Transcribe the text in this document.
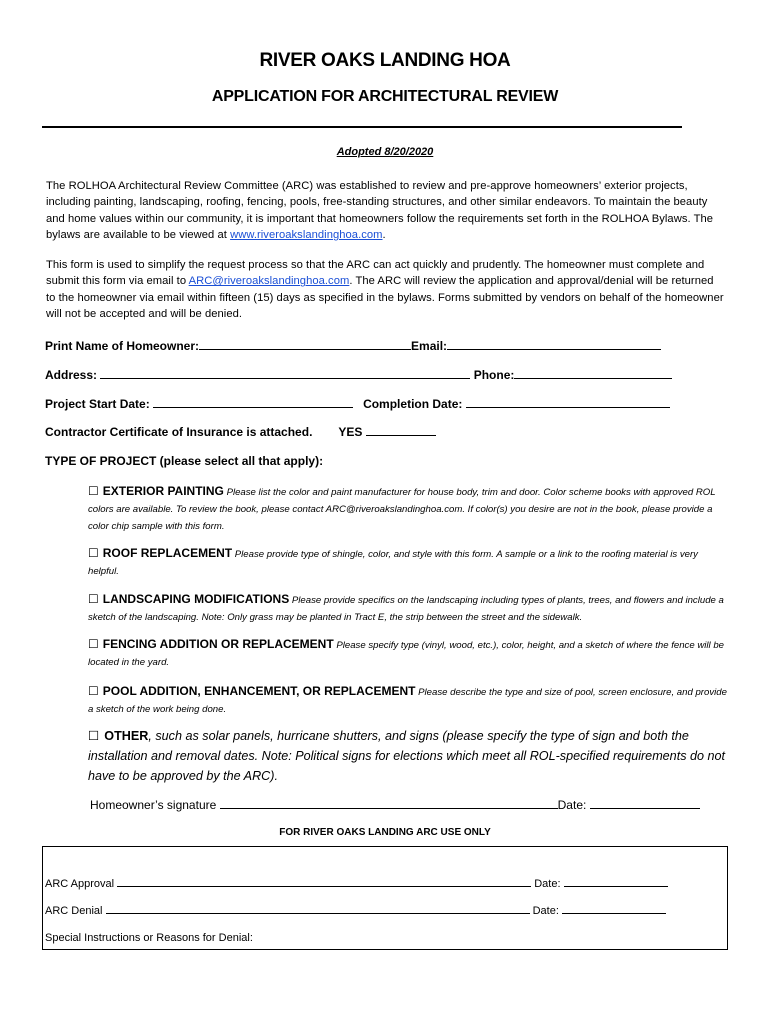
RIVER OAKS LANDING HOA
APPLICATION FOR ARCHITECTURAL REVIEW
Adopted 8/20/2020
The ROLHOA Architectural Review Committee (ARC) was established to review and pre-approve homeowners’ exterior projects, including painting, landscaping, roofing, fencing, pools, free-standing structures, and other similar endeavors. To maintain the beauty and home values within our community, it is important that homeowners follow the requirements set forth in the ROLHOA Bylaws. The bylaws are available to be viewed at www.riveroakslandinghoa.com.
This form is used to simplify the request process so that the ARC can act quickly and prudently. The homeowner must complete and submit this form via email to ARC@riveroakslandinghoa.com. The ARC will review the application and approval/denial will be returned to the homeowner via email within fifteen (15) days as specified in the bylaws. Forms submitted by vendors on behalf of the homeowner will not be accepted and will be denied.
Print Name of Homeowner:	Email:
Address:	Phone:
Project Start Date:	Completion Date:
Contractor Certificate of Insurance is attached. YES
TYPE OF PROJECT (please select all that apply):
☐ EXTERIOR PAINTING Please list the color and paint manufacturer for house body, trim and door. Color scheme books with approved ROL colors are available. To review the book, please contact ARC@riveroakslandinghoa.com. If color(s) you desire are not in the book, please provide a color chip sample with this form.
☐ ROOF REPLACEMENT Please provide type of shingle, color, and style with this form. A sample or a link to the roofing material is very helpful.
☐ LANDSCAPING MODIFICATIONS Please provide specifics on the landscaping including types of plants, trees, and flowers and include a sketch of the landscaping. Note: Only grass may be planted in Tract E, the strip between the street and the sidewalk.
☐ FENCING ADDITION OR REPLACEMENT Please specify type (vinyl, wood, etc.), color, height, and a sketch of where the fence will be located in the yard.
☐ POOL ADDITION, ENHANCEMENT, OR REPLACEMENT Please describe the type and size of pool, screen enclosure, and provide a sketch of the work being done.
☐ OTHER, such as solar panels, hurricane shutters, and signs (please specify the type of sign and both the installation and removal dates. Note: Political signs for elections which meet all ROL-specified requirements do not have to be approved by the ARC).
Homeowner’s signature	Date:
FOR RIVER OAKS LANDING ARC USE ONLY
ARC Approval	Date:
ARC Denial	Date:
Special Instructions or Reasons for Denial:
